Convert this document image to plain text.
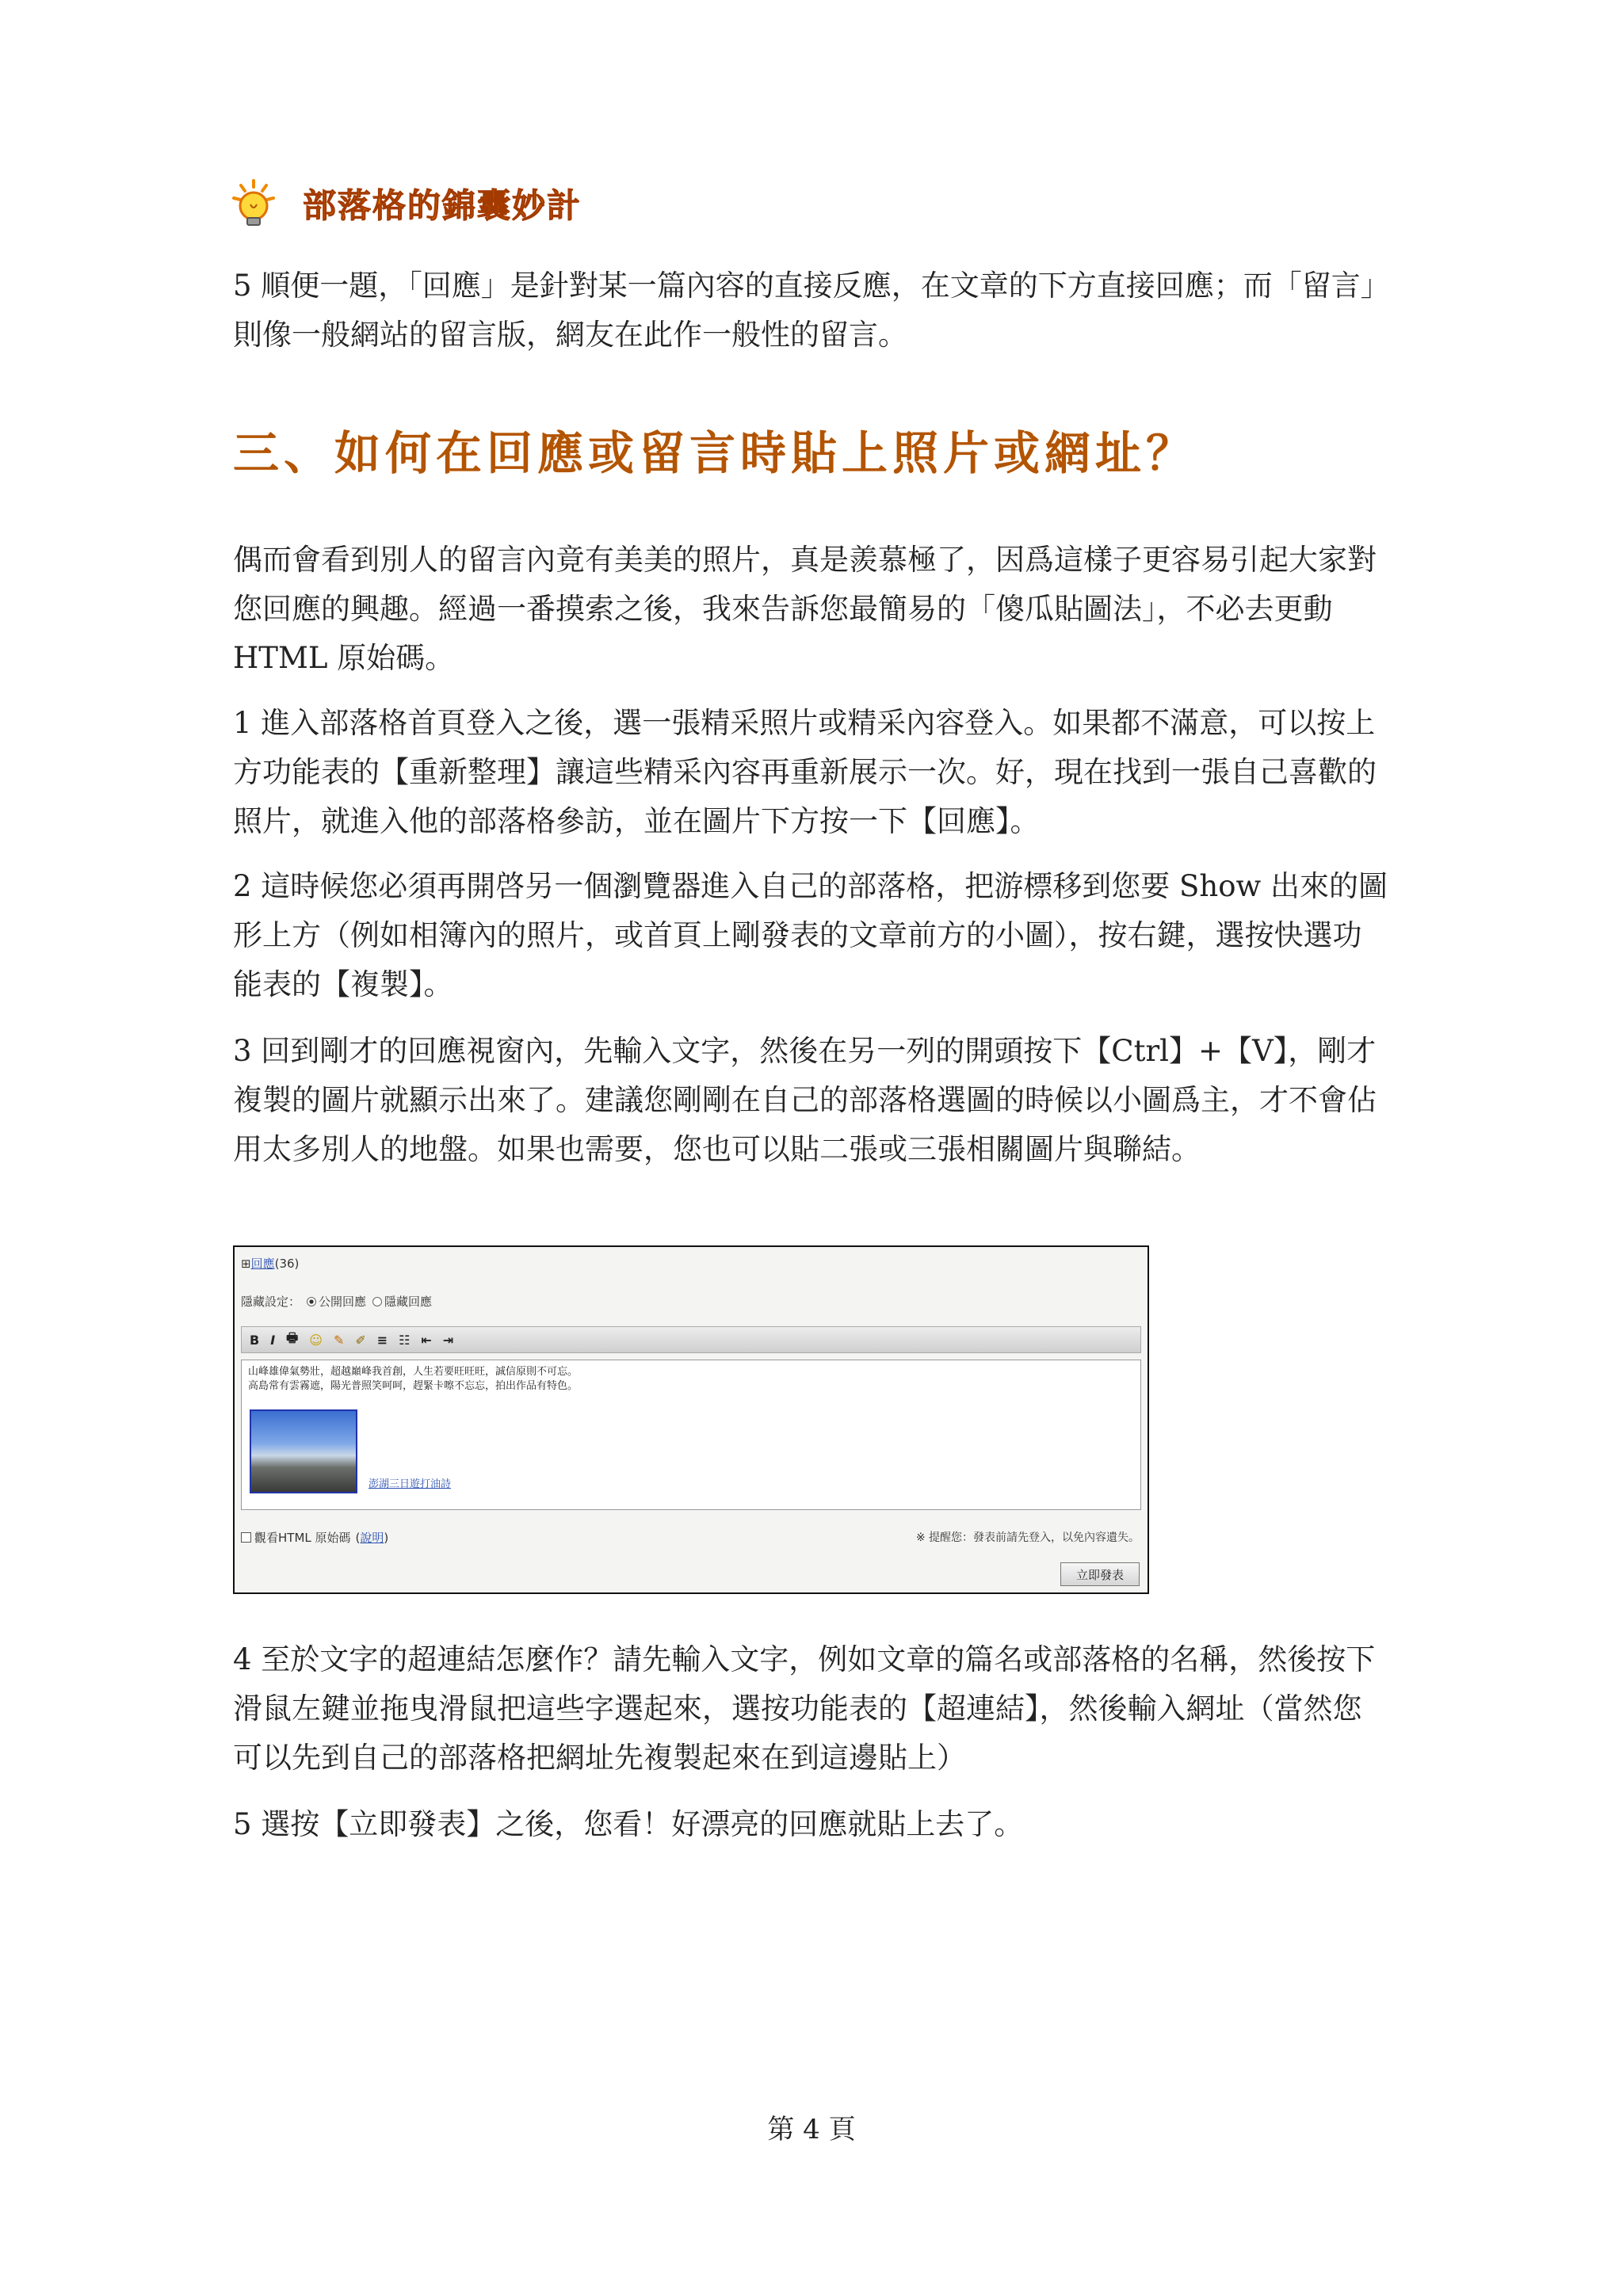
部落格的錦囊妙計

5 順便一題，「回應」是針對某一篇內容的直接反應，在文章的下方直接回應；而「留言」則像一般網站的留言版，網友在此作一般性的留言。

三、如何在回應或留言時貼上照片或網址？

偶而會看到別人的留言內竟有美美的照片，真是羨慕極了，因爲這樣子更容易引起大家對您回應的興趣。經過一番摸索之後，我來告訴您最簡易的「傻瓜貼圖法」，不必去更動 HTML 原始碼。

1 進入部落格首頁登入之後，選一張精采照片或精采內容登入。如果都不滿意，可以按上方功能表的【重新整理】讓這些精采內容再重新展示一次。好，現在找到一張自己喜歡的照片，就進入他的部落格參訪，並在圖片下方按一下【回應】。

2 這時候您必須再開啓另一個瀏覽器進入自己的部落格，把游標移到您要 Show 出來的圖形上方（例如相簿內的照片，或首頁上剛發表的文章前方的小圖），按右鍵，選按快選功能表的【複製】。

3 回到剛才的回應視窗內，先輸入文字，然後在另一列的開頭按下【Ctrl】+【V】，剛才複製的圖片就顯示出來了。建議您剛剛在自己的部落格選圖的時候以小圖爲主，才不會佔用太多別人的地盤。如果也需要，您也可以貼二張或三張相關圖片與聯結。

⊞ 回應 (36)
隱藏設定： 公開回應 隱藏回應
B I 🖶 ☺ ✎ ✐ ≡ ☷ ⇤ ⇥
山峰雄偉氣勢壯，超越巔峰我首創，人生若要旺旺旺，誠信原則不可忘。
高島常有雲霧遮，陽光普照笑呵呵，趕緊卡嚓不忘忘，拍出作品有特色。
澎湖三日遊打油詩
觀看HTML 原始碼 (說明)	※ 提醒您：發表前請先登入，以免內容遺失。
立即發表

4 至於文字的超連結怎麼作？請先輸入文字，例如文章的篇名或部落格的名稱，然後按下滑鼠左鍵並拖曳滑鼠把這些字選起來，選按功能表的【超連結】，然後輸入網址（當然您可以先到自己的部落格把網址先複製起來在到這邊貼上）

5 選按【立即發表】之後，您看！好漂亮的回應就貼上去了。

第 4 頁
